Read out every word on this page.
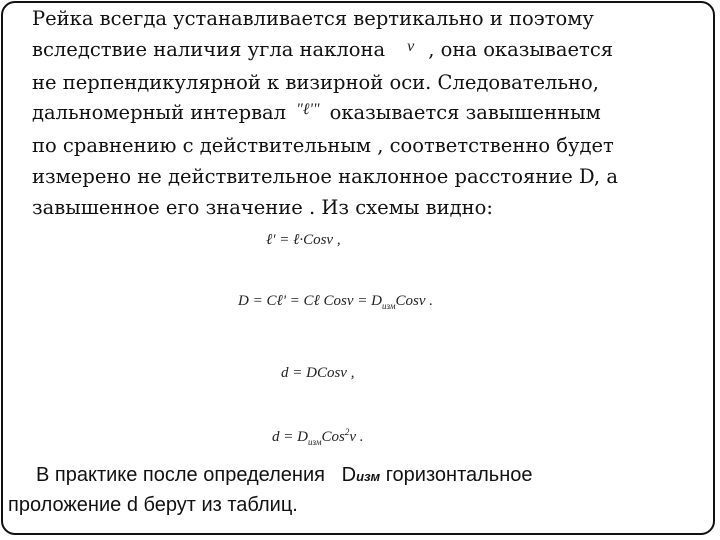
Рейка всегда устанавливается вертикально и поэтому
вследствие наличия угла наклона $^\nu$ , она оказывается
не перпендикулярной к визирной оси. Следовательно,
дальномерный интервал $^{"\ell'"}$ оказывается завышенным
по сравнению с действительным , соответственно будет
измерено не действительное наклонное расстояние D, а
завышенное его значение . Из схемы видно:
ℓ' = ℓ·Cosν ,
D = Cℓ' = Cℓ $Cos\nu = D_{изм}Cos\nu$ .
d = DCosν ,
$d = D_{изм}Cos^2\nu$ .
В практике после определения Dизм горизонтальное
проложение d берут из таблиц.
